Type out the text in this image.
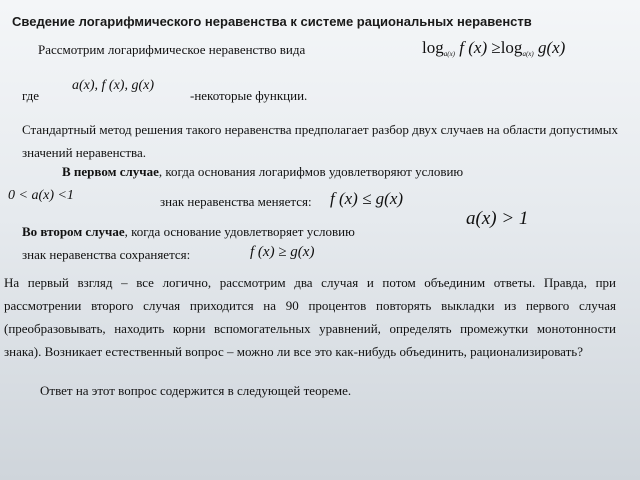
Сведение логарифмического неравенства к системе рациональных неравенств
Рассмотрим логарифмическое неравенство вида	$\log_{a(x)} f$ $(x) \ge\log_{a(x)}$ g(x)
a(x), f (x), g(x)
где	-некоторые функции.
Стандартный метод решения такого неравенства предполагает разбор двух случаев на области допустимых значений неравенства.
В первом случае, когда основания логарифмов удовлетворяют условию
0 < a(x) <1	знак неравенства меняется: f (x) ≤ g(x)
Во втором случае, когда основание удовлетворяет условию
a(x) > 1
знак неравенства сохраняется:	f (x) ≥ g(x)
На первый взгляд – все логично, рассмотрим два случая и потом объединим ответы. Правда, при рассмотрении второго случая приходится на 90 процентов повторять выкладки из первого случая (преобразовывать, находить корни вспомогательных уравнений, определять промежутки монотонности знака). Возникает естественный вопрос – можно ли все это как-нибудь объединить, рационализировать?
Ответ на этот вопрос содержится в следующей теореме.
